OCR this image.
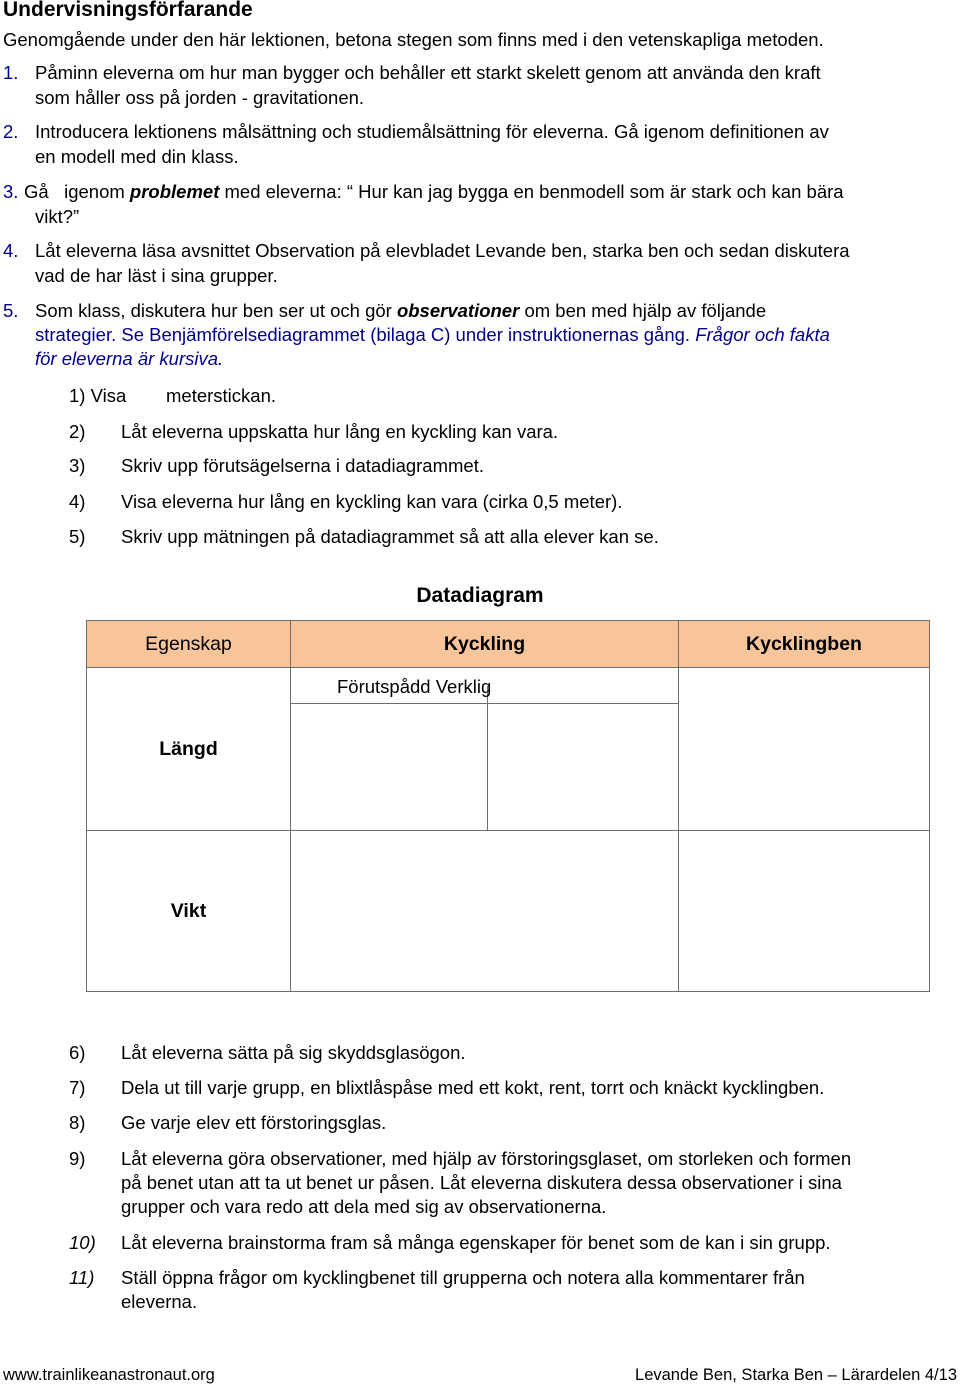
Undervisningsförfarande
Genomgående under den här lektionen, betona stegen som finns med i den vetenskapliga metoden.
1. Påminn eleverna om hur man bygger och behåller ett starkt skelett genom att använda den kraft
som håller oss på jorden - gravitationen.
2. Introducera lektionens målsättning och studiemålsättning för eleverna. Gå igenom definitionen av
en modell med din klass.
3. Gå   igenom problemet med eleverna: “ Hur kan jag bygga en benmodell som är stark och kan bära
vikt?”
4. Låt eleverna läsa avsnittet Observation på elevbladet Levande ben, starka ben och sedan diskutera
vad de har läst i sina grupper.
5. Som klass, diskutera hur ben ser ut och gör observationer om ben med hjälp av följande
strategier. Se Benjämförelsediagrammet (bilaga C) under instruktionernas gång. Frågor och fakta
för eleverna är kursiva.
1) Visa meterstickan.
2) Låt eleverna uppskatta hur lång en kyckling kan vara.
3) Skriv upp förutsägelserna i datadiagrammet.
4) Visa eleverna hur lång en kyckling kan vara (cirka 0,5 meter).
5) Skriv upp mätningen på datadiagrammet så att alla elever kan se.
Datadiagram
Egenskap	Kyckling	Kycklingben
Förutspådd Verklig
Längd
Vikt
6) Låt eleverna sätta på sig skyddsglasögon.
7) Dela ut till varje grupp, en blixtlåspåse med ett kokt, rent, torrt och knäckt kycklingben.
8) Ge varje elev ett förstoringsglas.
9) Låt eleverna göra observationer, med hjälp av förstoringsglaset, om storleken och formen
på benet utan att ta ut benet ur påsen. Låt eleverna diskutera dessa observationer i sina
grupper och vara redo att dela med sig av observationerna.
10) Låt eleverna brainstorma fram så många egenskaper för benet som de kan i sin grupp.
11) Ställ öppna frågor om kycklingbenet till grupperna och notera alla kommentarer från
eleverna.
www.trainlikeanastronaut.org	Levande Ben, Starka Ben – Lärardelen 4/13
